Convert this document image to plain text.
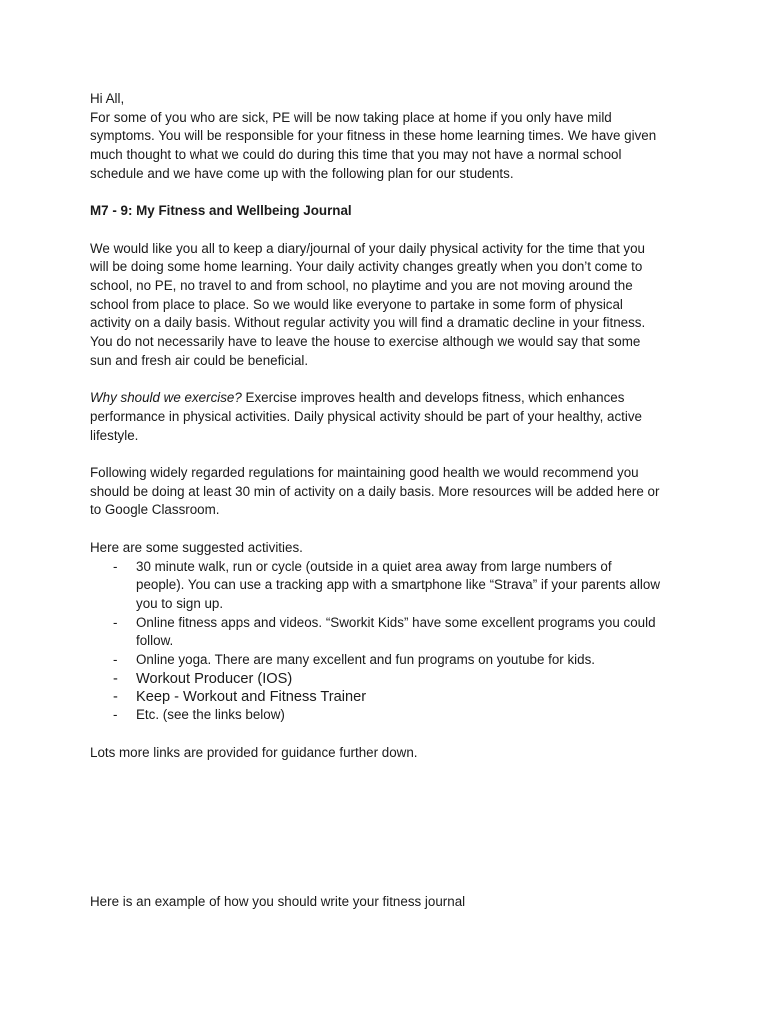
Hi All,

For some of you who are sick, PE will be now taking place at home if you only have mild
symptoms. You will be responsible for your fitness in these home learning times. We have given
much thought to what we could do during this time that you may not have a normal school
schedule and we have come up with the following plan for our students.

M7 - 9: My Fitness and Wellbeing Journal

We would like you all to keep a diary/journal of your daily physical activity for the time that you
will be doing some home learning. Your daily activity changes greatly when you don’t come to
school, no PE, no travel to and from school, no playtime and you are not moving around the
school from place to place. So we would like everyone to partake in some form of physical
activity on a daily basis. Without regular activity you will find a dramatic decline in your fitness.
You do not necessarily have to leave the house to exercise although we would say that some
sun and fresh air could be beneficial.

Why should we exercise? Exercise improves health and develops fitness, which enhances
performance in physical activities. Daily physical activity should be part of your healthy, active
lifestyle.

Following widely regarded regulations for maintaining good health we would recommend you
should be doing at least 30 min of activity on a daily basis. More resources will be added here or
to Google Classroom.

Here are some suggested activities.

- 30 minute walk, run or cycle (outside in a quiet area away from large numbers of
people). You can use a tracking app with a smartphone like “Strava” if your parents allow
you to sign up.
- Online fitness apps and videos. “Sworkit Kids” have some excellent programs you could
follow.
- Online yoga. There are many excellent and fun programs on youtube for kids.
- Workout Producer (IOS)
- Keep - Workout and Fitness Trainer
- Etc. (see the links below)

Lots more links are provided for guidance further down.

Here is an example of how you should write your fitness journal
